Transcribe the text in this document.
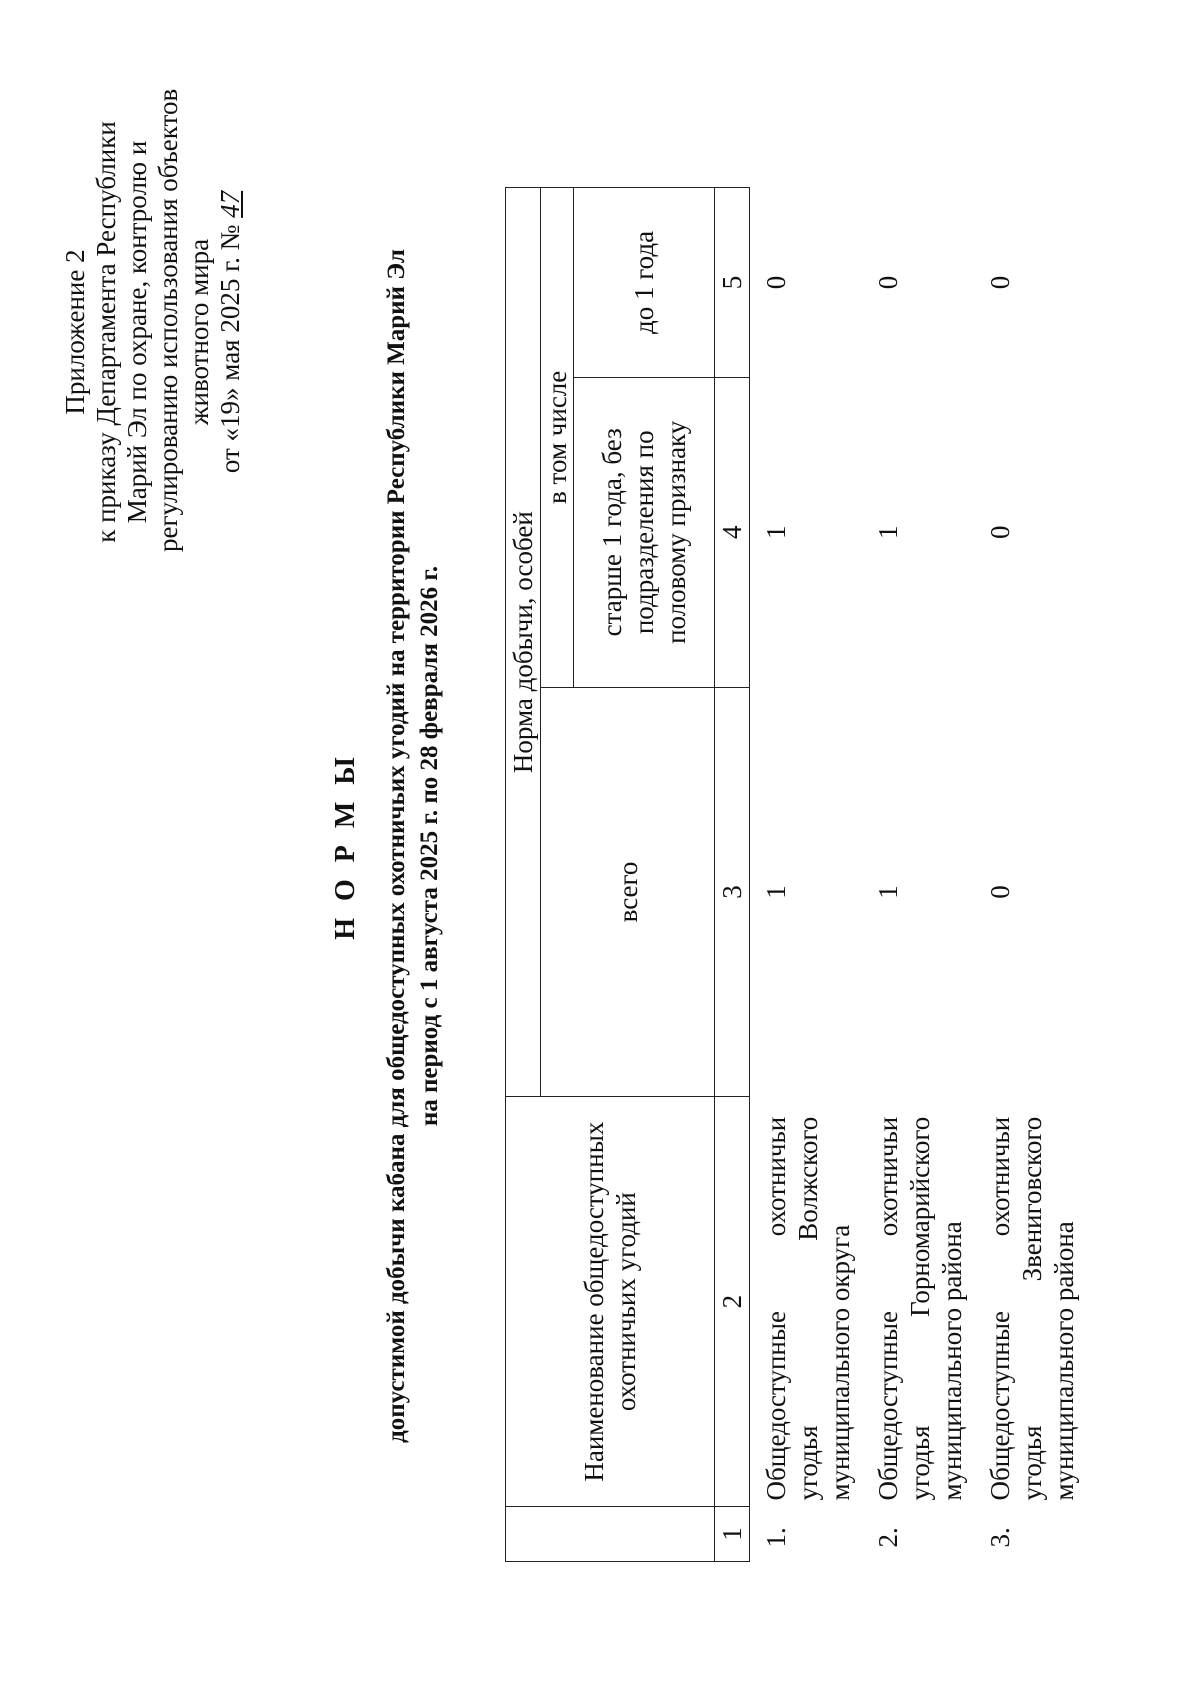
Приложение 2 к приказу Департамента Республики Марий Эл по охране, контролю и регулированию использования объектов животного мира от «19» мая 2025 г. № 47
Н О Р М Ы допустимой добычи кабана для общедоступных охотничьих угодий на территории Республики Марий Эл на период с 1 августа 2025 г. по 28 февраля 2026 г.
	Наименование общедоступных охотничьих угодий	Норма добычи, особей		
		всего	в том числе	
			старше 1 года, без подразделения по половому признаку	до 1 года
1	2	3	4	5
1.	Общедоступные охотничьи угодья Волжского муниципального округа	1	1	0
2.	Общедоступные охотничьи угодья Горномарийского муниципального района	1	1	0
3.	Общедоступные охотничьи угодья Звениговского муниципального района	0	0	0
